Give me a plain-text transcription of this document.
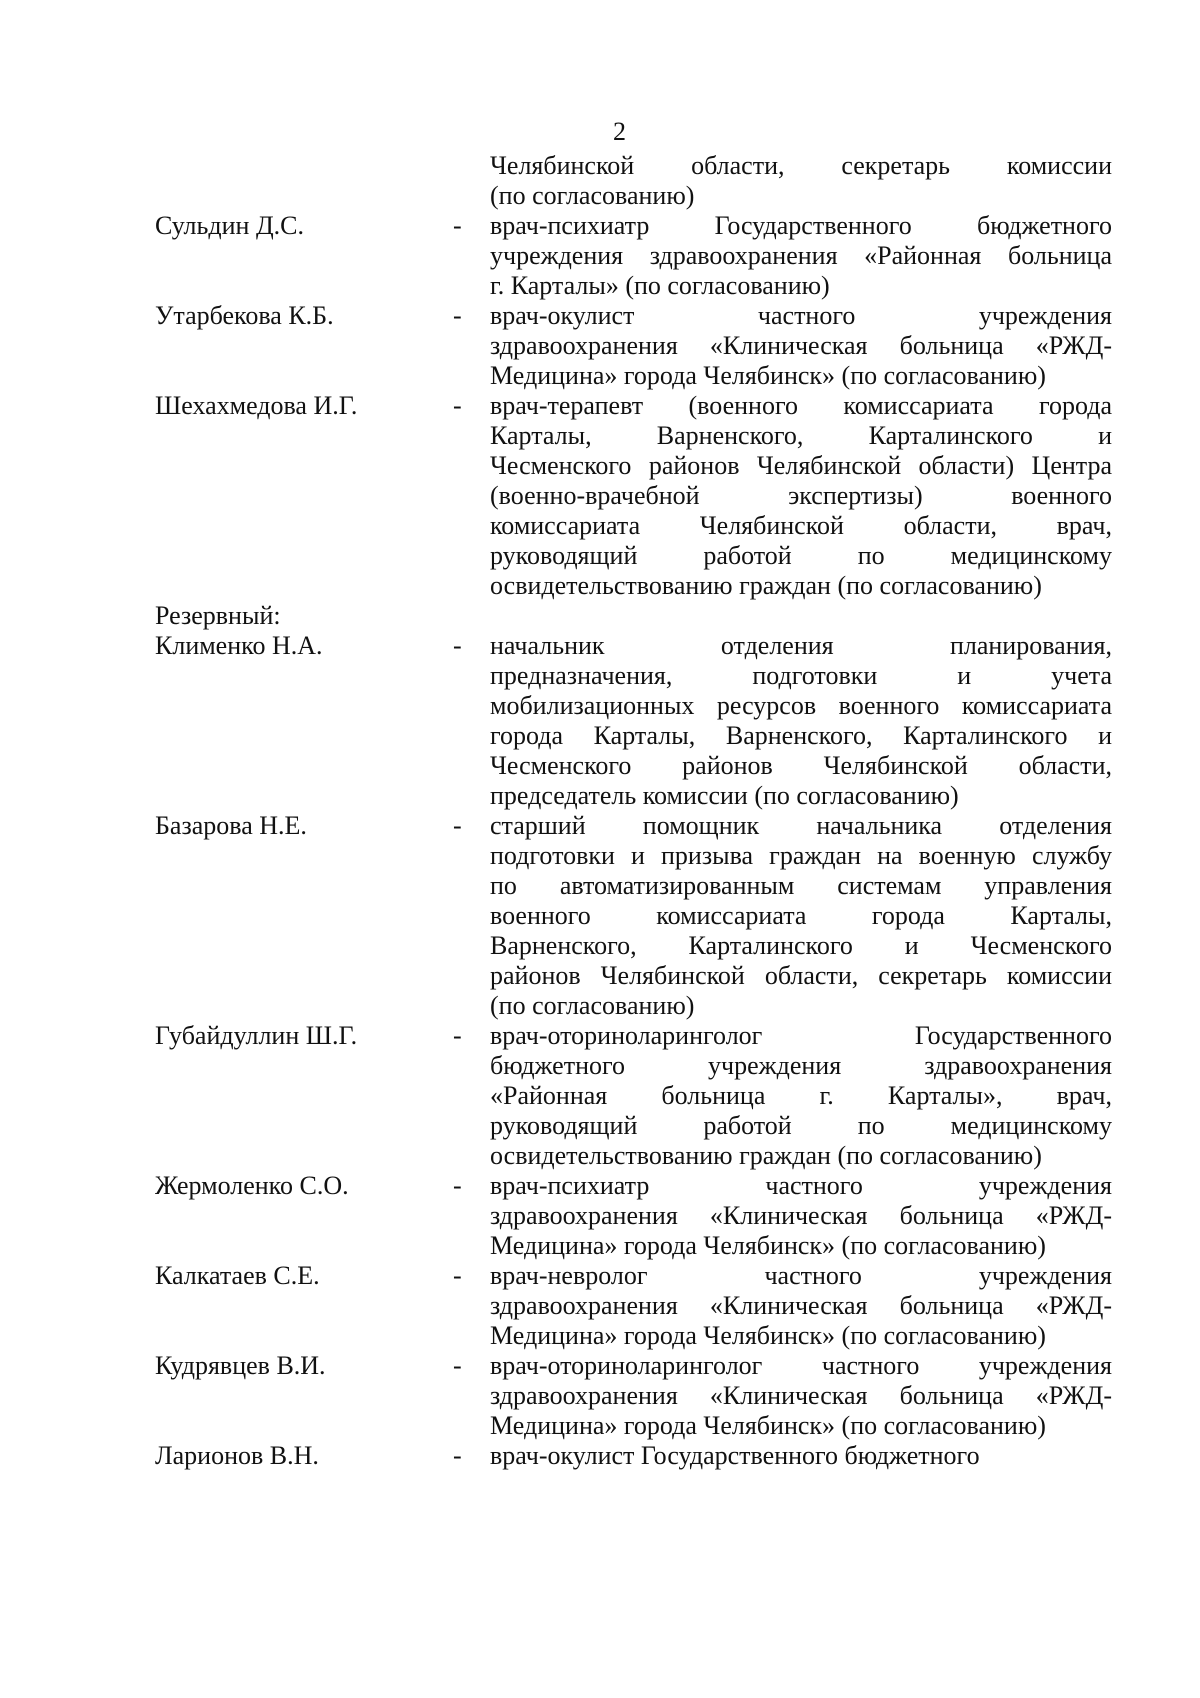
2
Челябинской области, секретарь комиссии
(по согласованию)
Сульдин Д.С.	-	врач-психиатр Государственного бюджетного
учреждения здравоохранения «Районная больница
г. Карталы» (по согласованию)
Утарбекова К.Б.	-	врач-окулист частного учреждения
здравоохранения «Клиническая больница «РЖД-
Медицина» города Челябинск» (по согласованию)
Шехахмедова И.Г.	-	врач-терапевт (военного комиссариата города
Карталы, Варненского, Карталинского и
Чесменского районов Челябинской области) Центра
(военно-врачебной экспертизы) военного
комиссариата Челябинской области, врач,
руководящий работой по медицинскому
освидетельствованию граждан (по согласованию)
Резервный:
Клименко Н.А.	-	начальник отделения планирования,
предназначения, подготовки и учета
мобилизационных ресурсов военного комиссариата
города Карталы, Варненского, Карталинского и
Чесменского районов Челябинской области,
председатель комиссии (по согласованию)
Базарова Н.Е.	-	старший помощник начальника отделения
подготовки и призыва граждан на военную службу
по автоматизированным системам управления
военного комиссариата города Карталы,
Варненского, Карталинского и Чесменского
районов Челябинской области, секретарь комиссии
(по согласованию)
Губайдуллин Ш.Г.	-	врач-оториноларинголог Государственного
бюджетного учреждения здравоохранения
«Районная больница г. Карталы», врач,
руководящий работой по медицинскому
освидетельствованию граждан (по согласованию)
Жермоленко С.О.	-	врач-психиатр частного учреждения
здравоохранения «Клиническая больница «РЖД-
Медицина» города Челябинск» (по согласованию)
Калкатаев С.Е.	-	врач-невролог частного учреждения
здравоохранения «Клиническая больница «РЖД-
Медицина» города Челябинск» (по согласованию)
Кудрявцев В.И.	-	врач-оториноларинголог частного учреждения
здравоохранения «Клиническая больница «РЖД-
Медицина» города Челябинск» (по согласованию)
Ларионов В.Н.	-	врач-окулист Государственного бюджетного
